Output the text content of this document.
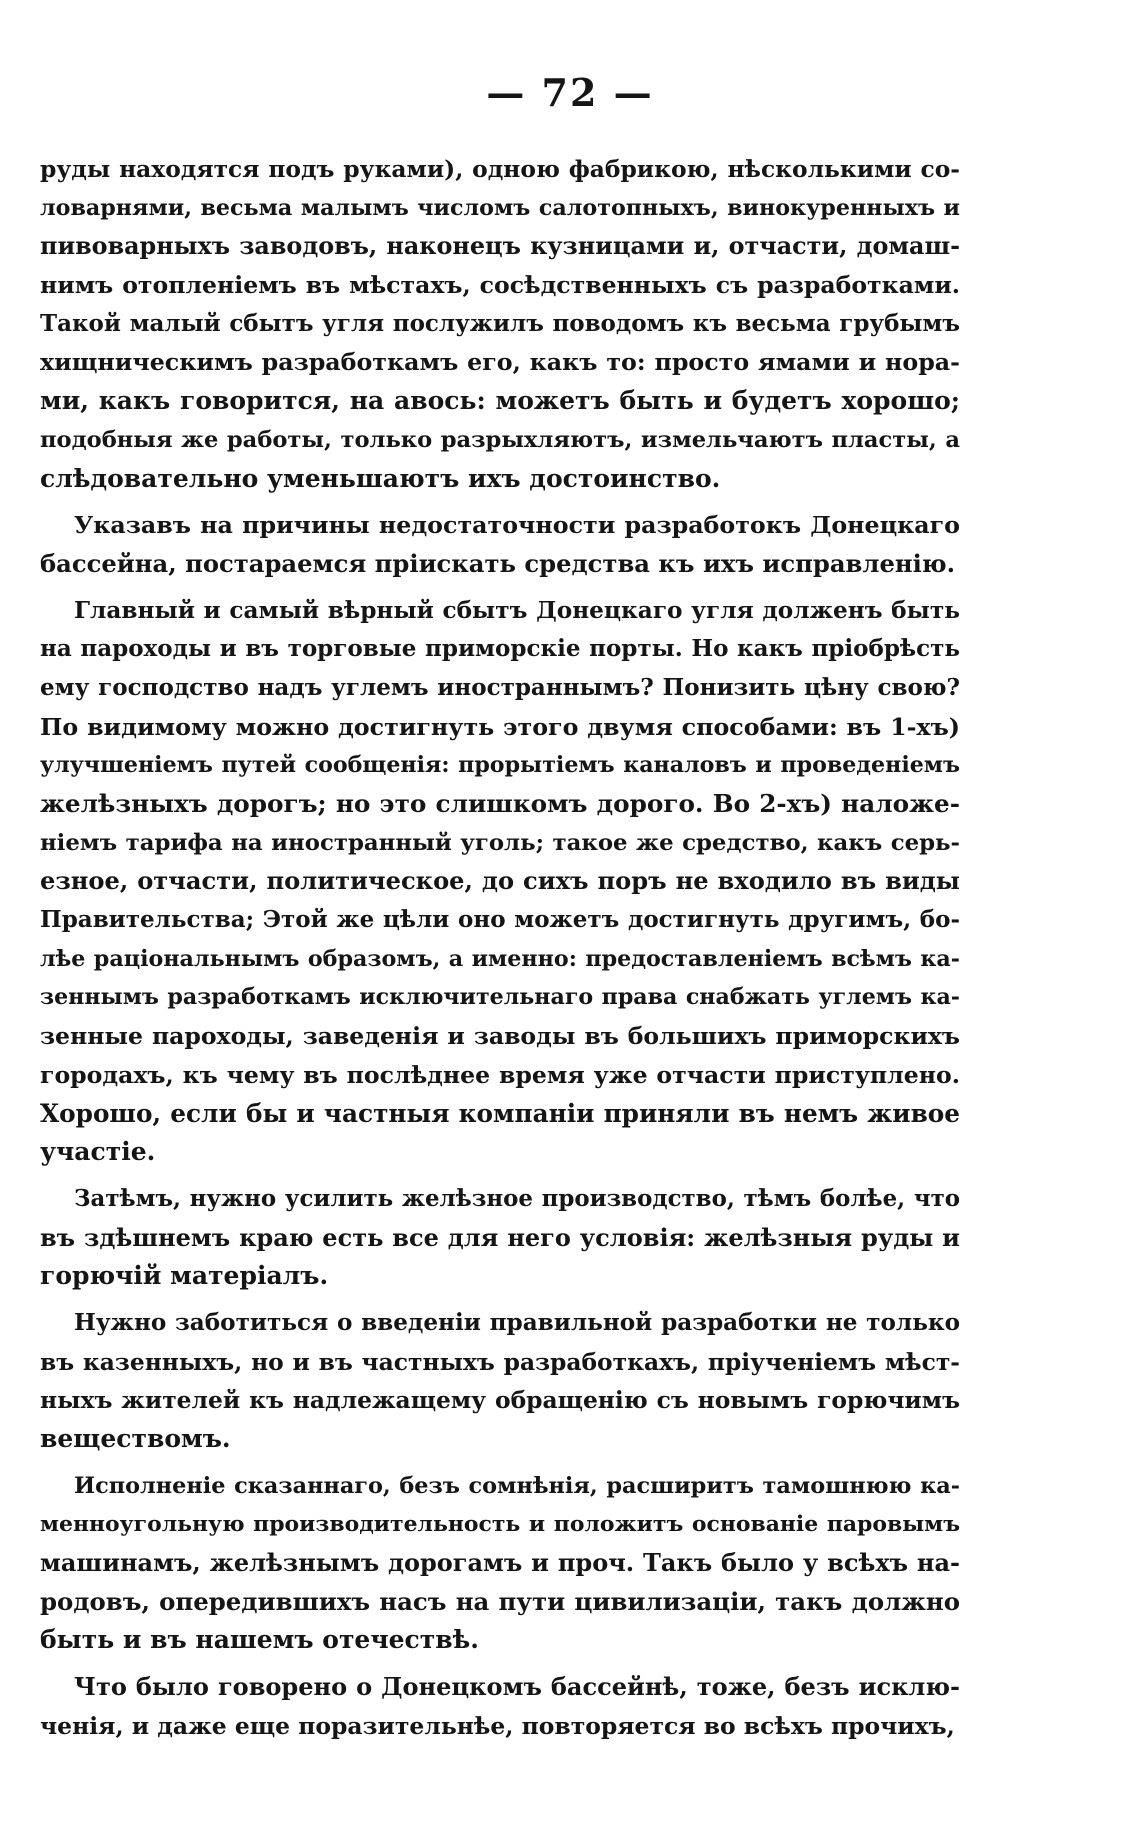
— 72 —
руды находятся подъ руками), одною фабрикою, нѣсколькими со-
ловарнями, весьма малымъ числомъ салотопныхъ, винокуренныхъ и
пивоварныхъ заводовъ, наконецъ кузницами и, отчасти, домаш-
нимъ отопленіемъ въ мѣстахъ, сосѣдственныхъ съ разработками.
Такой малый сбытъ угля послужилъ поводомъ къ весьма грубымъ
хищническимъ разработкамъ его, какъ то: просто ямами и нора-
ми, какъ говорится, на авось: можетъ быть и будетъ хорошо;
подобныя же работы, только разрыхляютъ, измельчаютъ пласты, а
слѣдовательно уменьшаютъ ихъ достоинство.
Указавъ на причины недостаточности разработокъ Донецкаго
бассейна, постараемся пріискать средства къ ихъ исправленію.
Главный и самый вѣрный сбытъ Донецкаго угля долженъ быть
на пароходы и въ торговые приморскіе порты. Но какъ пріобрѣсть
ему господство надъ углемъ иностраннымъ? Понизить цѣну свою?
По видимому можно достигнуть этого двумя способами: въ 1-хъ)
улучшеніемъ путей сообщенія: прорытіемъ каналовъ и проведеніемъ
желѣзныхъ дорогъ; но это слишкомъ дорого. Во 2-хъ) наложе-
ніемъ тарифа на иностранный уголь; такое же средство, какъ серь-
езное, отчасти, политическое, до сихъ поръ не входило въ виды
Правительства; Этой же цѣли оно можетъ достигнуть другимъ, бо-
лѣе раціональнымъ образомъ, а именно: предоставленіемъ всѣмъ ка-
зеннымъ разработкамъ исключительнаго права снабжать углемъ ка-
зенные пароходы, заведенія и заводы въ большихъ приморскихъ
городахъ, къ чему въ послѣднее время уже отчасти приступлено.
Хорошо, если бы и частныя компаніи приняли въ немъ живое
участіе.
Затѣмъ, нужно усилить желѣзное производство, тѣмъ болѣе, что
въ здѣшнемъ краю есть все для него условія: желѣзныя руды и
горючій матеріалъ.
Нужно заботиться о введеніи правильной разработки не только
въ казенныхъ, но и въ частныхъ разработкахъ, пріученіемъ мѣст-
ныхъ жителей къ надлежащему обращенію съ новымъ горючимъ
веществомъ.
Исполненіе сказаннаго, безъ сомнѣнія, расширитъ тамошнюю ка-
менноугольную производительность и положитъ основаніе паровымъ
машинамъ, желѣзнымъ дорогамъ и проч. Такъ было у всѣхъ на-
родовъ, опередившихъ насъ на пути цивилизаціи, такъ должно
быть и въ нашемъ отечествѣ.
Что было говорено о Донецкомъ бассейнѣ, тоже, безъ исклю-
ченія, и даже еще поразительнѣе, повторяется во всѣхъ прочихъ,
